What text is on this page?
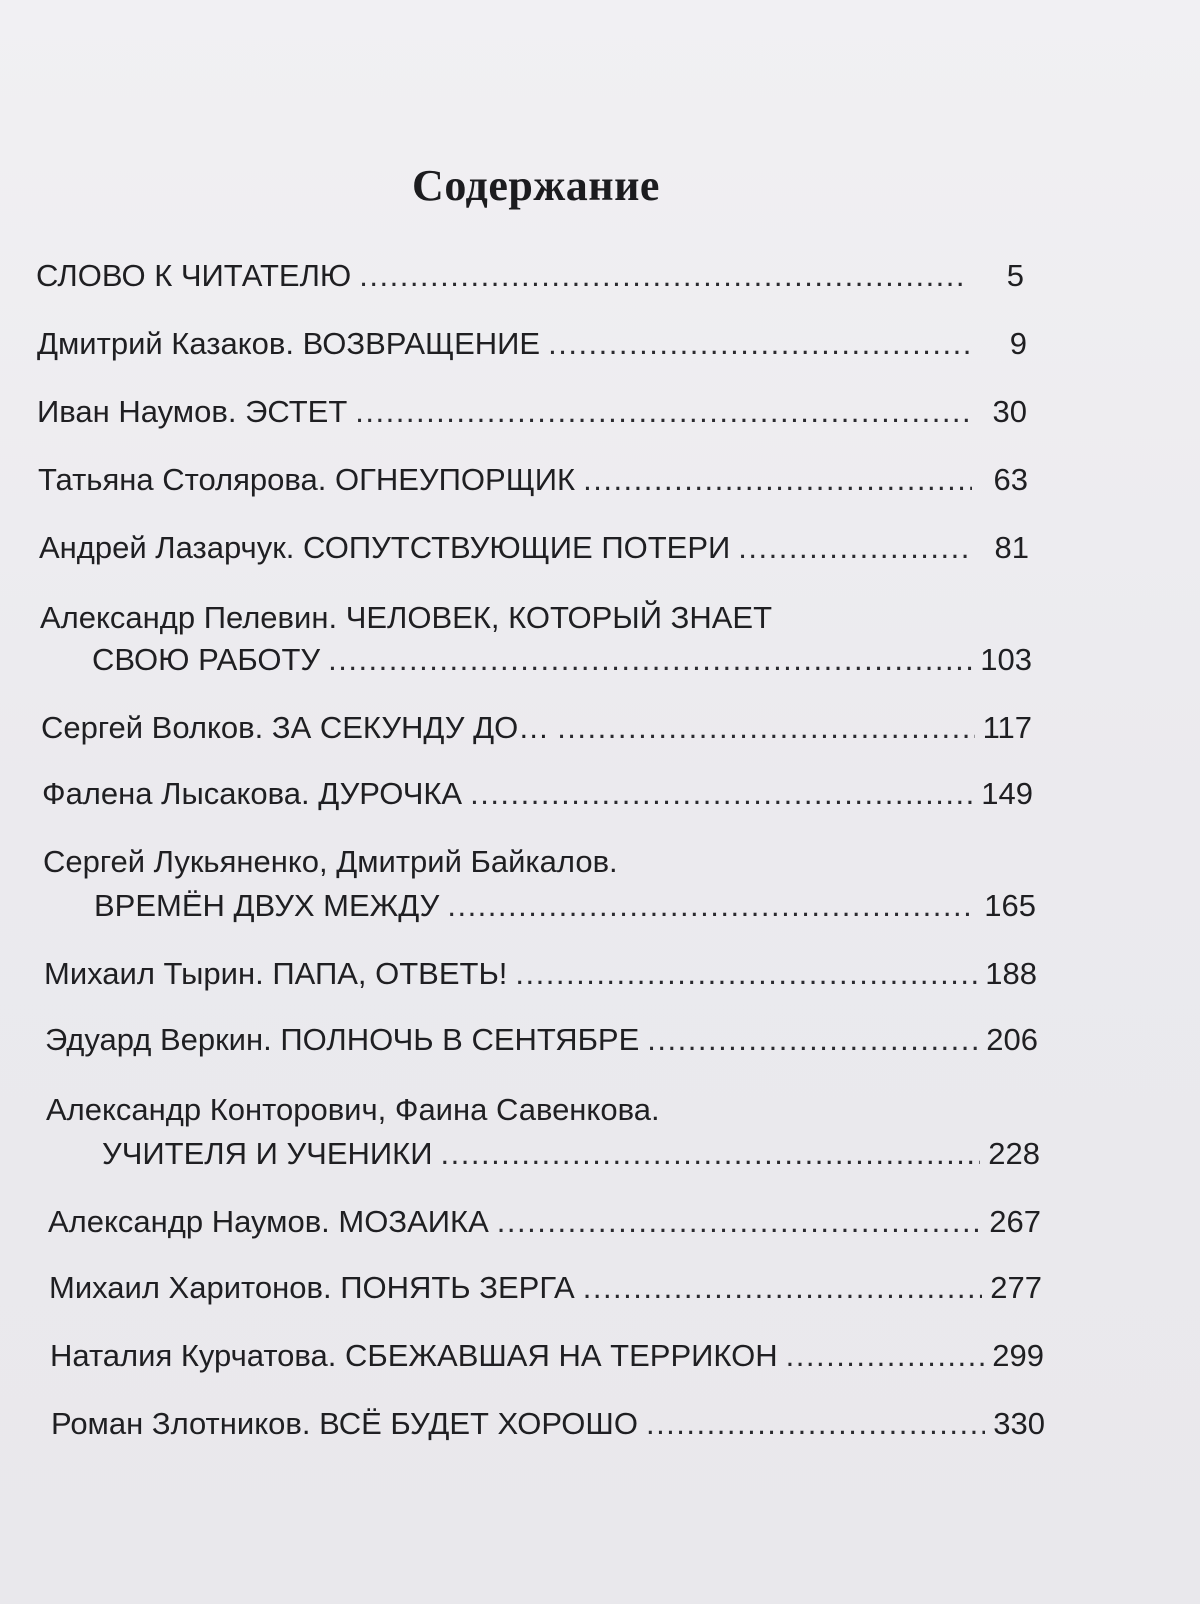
Содержание
СЛОВО К ЧИТАТЕЛЮ .....	5
Дмитрий Казаков. ВОЗВРАЩЕНИЕ .....	9
Иван Наумов. ЭСТЕТ .....	30
Татьяна Столярова. ОГНЕУПОРЩИК .....	63
Андрей Лазарчук. СОПУТСТВУЮЩИЕ ПОТЕРИ .....	81
Александр Пелевин. ЧЕЛОВЕК, КОТОРЫЙ ЗНАЕТ
СВОЮ РАБОТУ .....	103
Сергей Волков. ЗА СЕКУНДУ ДО… .....	117
Фалена Лысакова. ДУРОЧКА .....	149
Сергей Лукьяненко, Дмитрий Байкалов.
ВРЕМЁН ДВУХ МЕЖДУ .....	165
Михаил Тырин. ПАПА, ОТВЕТЬ! .....	188
Эдуард Веркин. ПОЛНОЧЬ В СЕНТЯБРЕ .....	206
Александр Конторович, Фаина Савенкова.
УЧИТЕЛЯ И УЧЕНИКИ .....	228
Александр Наумов. МОЗАИКА .....	267
Михаил Харитонов. ПОНЯТЬ ЗЕРГА .....	277
Наталия Курчатова. СБЕЖАВШАЯ НА ТЕРРИКОН .....	299
Роман Злотников. ВСЁ БУДЕТ ХОРОШО .....	330
